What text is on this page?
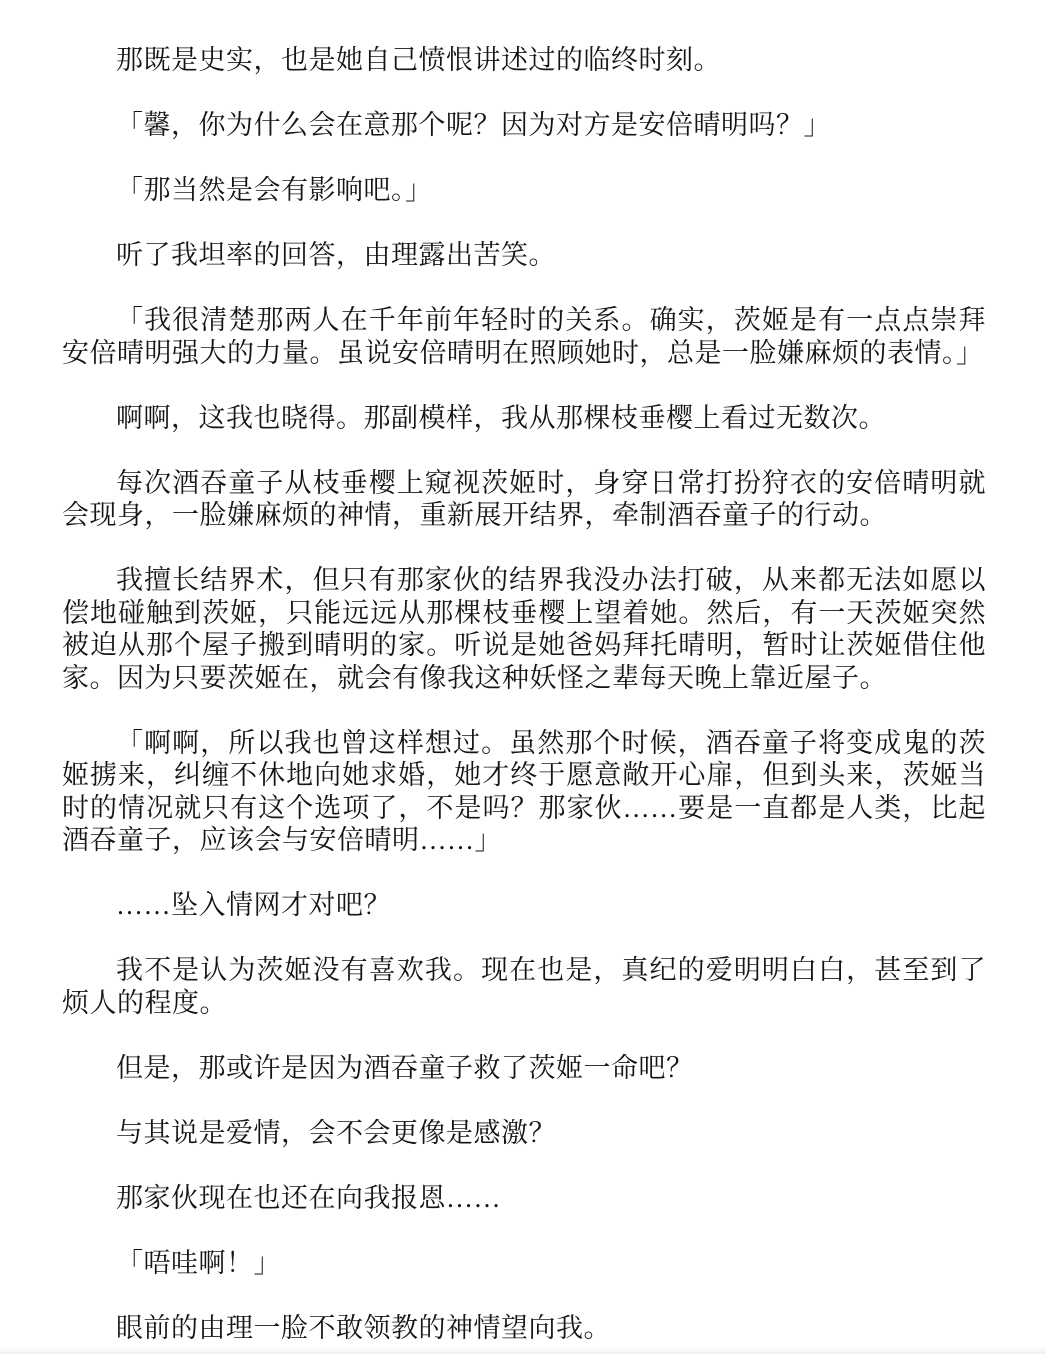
那既是史实，也是她自己愤恨讲述过的临终时刻。

「馨，你为什么会在意那个呢？因为对方是安倍晴明吗？」

「那当然是会有影响吧。」

听了我坦率的回答，由理露出苦笑。

「我很清楚那两人在千年前年轻时的关系。确实，茨姬是有一点点崇拜安倍晴明强大的力量。虽说安倍晴明在照顾她时，总是一脸嫌麻烦的表情。」

啊啊，这我也晓得。那副模样，我从那棵枝垂樱上看过无数次。

每次酒吞童子从枝垂樱上窥视茨姬时，身穿日常打扮狩衣的安倍晴明就会现身，一脸嫌麻烦的神情，重新展开结界，牵制酒吞童子的行动。

我擅长结界术，但只有那家伙的结界我没办法打破，从来都无法如愿以偿地碰触到茨姬，只能远远从那棵枝垂樱上望着她。然后，有一天茨姬突然被迫从那个屋子搬到晴明的家。听说是她爸妈拜托晴明，暂时让茨姬借住他家。因为只要茨姬在，就会有像我这种妖怪之辈每天晚上靠近屋子。

「啊啊，所以我也曾这样想过。虽然那个时候，酒吞童子将变成鬼的茨姬掳来，纠缠不休地向她求婚，她才终于愿意敞开心扉，但到头来，茨姬当时的情况就只有这个选项了，不是吗？那家伙……要是一直都是人类，比起酒吞童子，应该会与安倍晴明……」

……坠入情网才对吧？

我不是认为茨姬没有喜欢我。现在也是，真纪的爱明明白白，甚至到了烦人的程度。

但是，那或许是因为酒吞童子救了茨姬一命吧？

与其说是爱情，会不会更像是感激？

那家伙现在也还在向我报恩……

「唔哇啊！」

眼前的由理一脸不敢领教的神情望向我。
